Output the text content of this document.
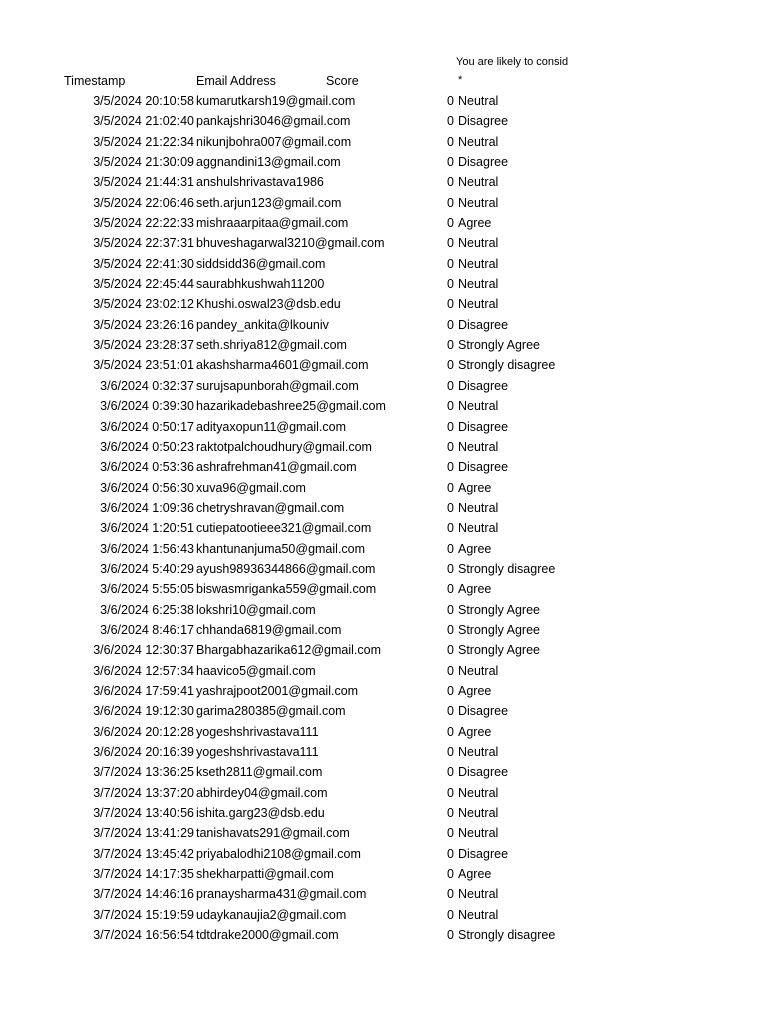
Timestamp	Email Address	Score
You are likely to consid
*
3/5/2024 20:10:58 kumarutkarsh19@gmail.com	0 Neutral
3/5/2024 21:02:40 pankajshri3046@gmail.com	0 Disagree
3/5/2024 21:22:34 nikunjbohra007@gmail.com	0 Neutral
3/5/2024 21:30:09 aggnandini13@gmail.com	0 Disagree
3/5/2024 21:44:31 anshulshrivastava1986	0 Neutral
3/5/2024 22:06:46 seth.arjun123@gmail.com	0 Neutral
3/5/2024 22:22:33 mishraaarpitaa@gmail.com	0 Agree
3/5/2024 22:37:31 bhuveshagarwal3210@gmail.com	0 Neutral
3/5/2024 22:41:30 siddsidd36@gmail.com	0 Neutral
3/5/2024 22:45:44 saurabhkushwah11200	0 Neutral
3/5/2024 23:02:12 Khushi.oswal23@dsb.edu	0 Neutral
3/5/2024 23:26:16 pandey_ankita@lkouniv	0 Disagree
3/5/2024 23:28:37 seth.shriya812@gmail.com	0 Strongly Agree
3/5/2024 23:51:01 akashsharma4601@gmail.com	0 Strongly disagree
3/6/2024 0:32:37 surujsapunborah@gmail.com	0 Disagree
3/6/2024 0:39:30 hazarikadebashree25@gmail.com	0 Neutral
3/6/2024 0:50:17 adityaxopun11@gmail.com	0 Disagree
3/6/2024 0:50:23 raktotpalchoudhury@gmail.com	0 Neutral
3/6/2024 0:53:36 ashrafrehman41@gmail.com	0 Disagree
3/6/2024 0:56:30 xuva96@gmail.com	0 Agree
3/6/2024 1:09:36 chetryshravan@gmail.com	0 Neutral
3/6/2024 1:20:51 cutiepatootieee321@gmail.com	0 Neutral
3/6/2024 1:56:43 khantunanjuma50@gmail.com	0 Agree
3/6/2024 5:40:29 ayush98936344866@gmail.com	0 Strongly disagree
3/6/2024 5:55:05 biswasmriganka559@gmail.com	0 Agree
3/6/2024 6:25:38 lokshri10@gmail.com	0 Strongly Agree
3/6/2024 8:46:17 chhanda6819@gmail.com	0 Strongly Agree
3/6/2024 12:30:37 Bhargabhazarika612@gmail.com	0 Strongly Agree
3/6/2024 12:57:34 haavico5@gmail.com	0 Neutral
3/6/2024 17:59:41 yashrajpoot2001@gmail.com	0 Agree
3/6/2024 19:12:30 garima280385@gmail.com	0 Disagree
3/6/2024 20:12:28 yogeshshrivastava111	0 Agree
3/6/2024 20:16:39 yogeshshrivastava111	0 Neutral
3/7/2024 13:36:25 kseth2811@gmail.com	0 Disagree
3/7/2024 13:37:20 abhirdey04@gmail.com	0 Neutral
3/7/2024 13:40:56 ishita.garg23@dsb.edu	0 Neutral
3/7/2024 13:41:29 tanishavats291@gmail.com	0 Neutral
3/7/2024 13:45:42 priyabalodhi2108@gmail.com	0 Disagree
3/7/2024 14:17:35 shekharpatti@gmail.com	0 Agree
3/7/2024 14:46:16 pranaysharma431@gmail.com	0 Neutral
3/7/2024 15:19:59 udaykanaujia2@gmail.com	0 Neutral
3/7/2024 16:56:54 tdtdrake2000@gmail.com	0 Strongly disagree
